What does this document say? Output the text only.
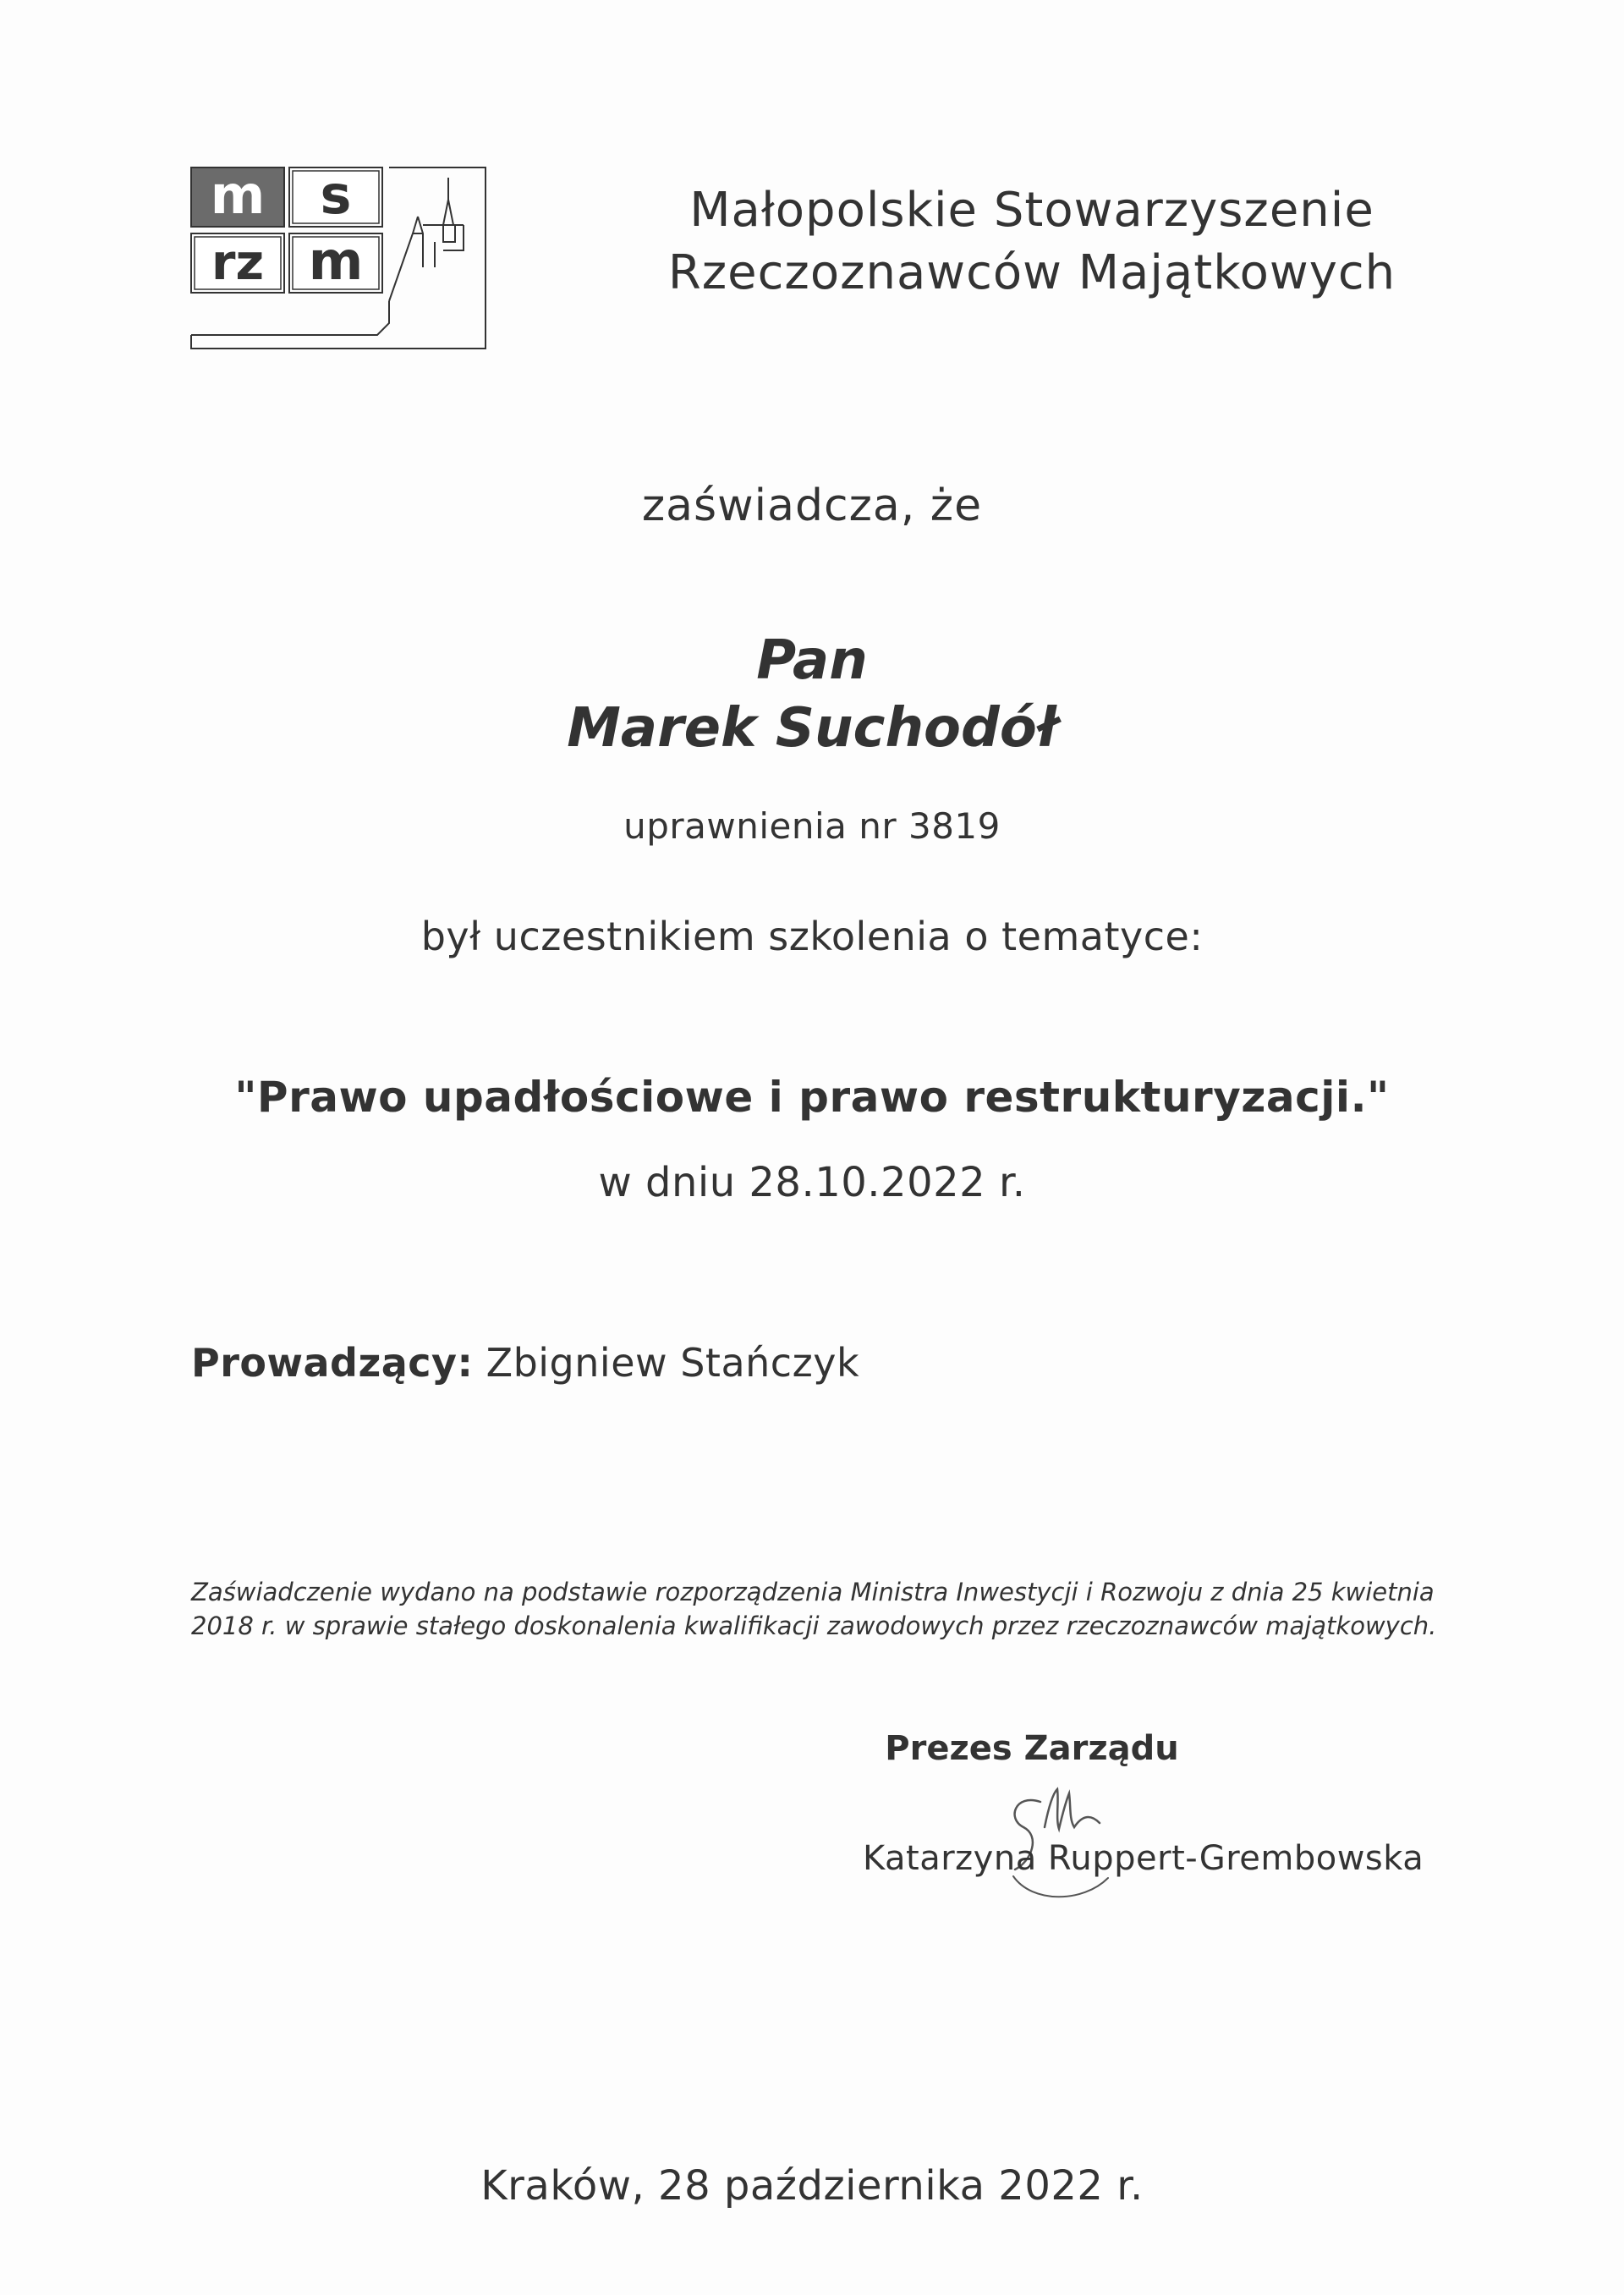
m s
rz m
Małopolskie Stowarzyszenie
Rzeczoznawców Majątkowych
zaświadcza, że
Pan
Marek Suchodół
uprawnienia nr 3819
był uczestnikiem szkolenia o tematyce:
"Prawo upadłościowe i prawo restrukturyzacji."
w dniu 28.10.2022 r.
Prowadzący: Zbigniew Stańczyk
Zaświadczenie wydano na podstawie rozporządzenia Ministra Inwestycji i Rozwoju z dnia 25 kwietnia
2018 r. w sprawie stałego doskonalenia kwalifikacji zawodowych przez rzeczoznawców majątkowych.
Prezes Zarządu
Katarzyna Ruppert-Grembowska
Kraków, 28 października 2022 r.
